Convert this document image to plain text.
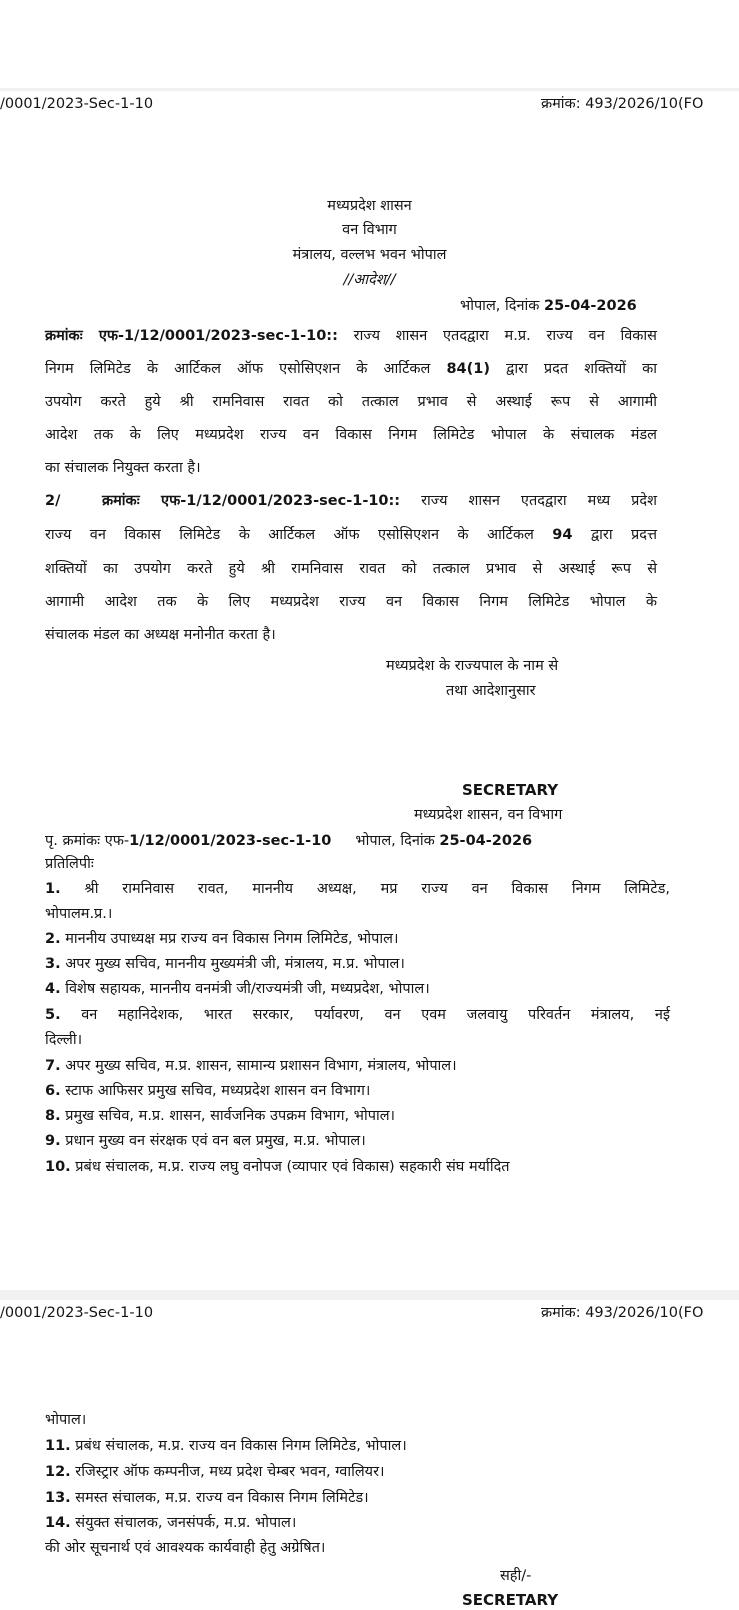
/0001/2023-Sec-1-10	क्रमांक: 493/2026/10(FO
मध्यप्रदेश शासन
वन विभाग
मंत्रालय, वल्लभ भवन भोपाल
//आदेश//
भोपाल, दिनांक 25-04-2026
क्रमांकः एफ-1/12/0001/2023-sec-1-10:: राज्य शासन एतदद्वारा म.प्र. राज्य वन विकास
निगम लिमिटेड के आर्टिकल ऑफ एसोसिएशन के आर्टिकल 84(1) द्वारा प्रदत शक्तियों का
उपयोग करते हुये श्री रामनिवास रावत को तत्काल प्रभाव से अस्थाई रूप से आगामी
आदेश तक के लिए मध्यप्रदेश राज्य वन विकास निगम लिमिटेड भोपाल के संचालक मंडल
का संचालक नियुक्त करता है।
2/	क्रमांकः एफ-1/12/0001/2023-sec-1-10:: राज्य शासन एतदद्वारा मध्य प्रदेश
राज्य वन विकास लिमिटेड के आर्टिकल ऑफ एसोसिएशन के आर्टिकल 94 द्वारा प्रदत्त
शक्तियों का उपयोग करते हुये श्री रामनिवास रावत को तत्काल प्रभाव से अस्थाई रूप से
आगामी आदेश तक के लिए मध्यप्रदेश राज्य वन विकास निगम लिमिटेड भोपाल के
संचालक मंडल का अध्यक्ष मनोनीत करता है।
मध्यप्रदेश के राज्यपाल के नाम से
तथा आदेशानुसार
SECRETARY
मध्यप्रदेश शासन, वन विभाग
पृ. क्रमांकः एफ-1/12/0001/2023-sec-1-10 भोपाल, दिनांक 25-04-2026
प्रतिलिपीः
1. श्री रामनिवास रावत, माननीय अध्यक्ष, मप्र राज्य वन विकास निगम लिमिटेड,
भोपालम.प्र.।
2. माननीय उपाध्यक्ष मप्र राज्य वन विकास निगम लिमिटेड, भोपाल।
3. अपर मुख्य सचिव, माननीय मुख्यमंत्री जी, मंत्रालय, म.प्र. भोपाल।
4. विशेष सहायक, माननीय वनमंत्री जी/राज्यमंत्री जी, मध्यप्रदेश, भोपाल।
5. वन महानिदेशक, भारत सरकार, पर्यावरण, वन एवम जलवायु परिवर्तन मंत्रालय, नई
दिल्ली।
7. अपर मुख्य सचिव, म.प्र. शासन, सामान्य प्रशासन विभाग, मंत्रालय, भोपाल।
6. स्टाफ आफिसर प्रमुख सचिव, मध्यप्रदेश शासन वन विभाग।
8. प्रमुख सचिव, म.प्र. शासन, सार्वजनिक उपक्रम विभाग, भोपाल।
9. प्रधान मुख्य वन संरक्षक एवं वन बल प्रमुख, म.प्र. भोपाल।
10. प्रबंध संचालक, म.प्र. राज्य लघु वनोपज (व्यापार एवं विकास) सहकारी संघ मर्यादित
/0001/2023-Sec-1-10	क्रमांक: 493/2026/10(FO
भोपाल।
11. प्रबंध संचालक, म.प्र. राज्य वन विकास निगम लिमिटेड, भोपाल।
12. रजिस्ट्रार ऑफ कम्पनीज, मध्य प्रदेश चेम्बर भवन, ग्वालियर।
13. समस्त संचालक, म.प्र. राज्य वन विकास निगम लिमिटेड।
14. संयुक्त संचालक, जनसंपर्क, म.प्र. भोपाल।
की ओर सूचनार्थ एवं आवश्यक कार्यवाही हेतु अग्रेषित।
सही/-
SECRETARY
